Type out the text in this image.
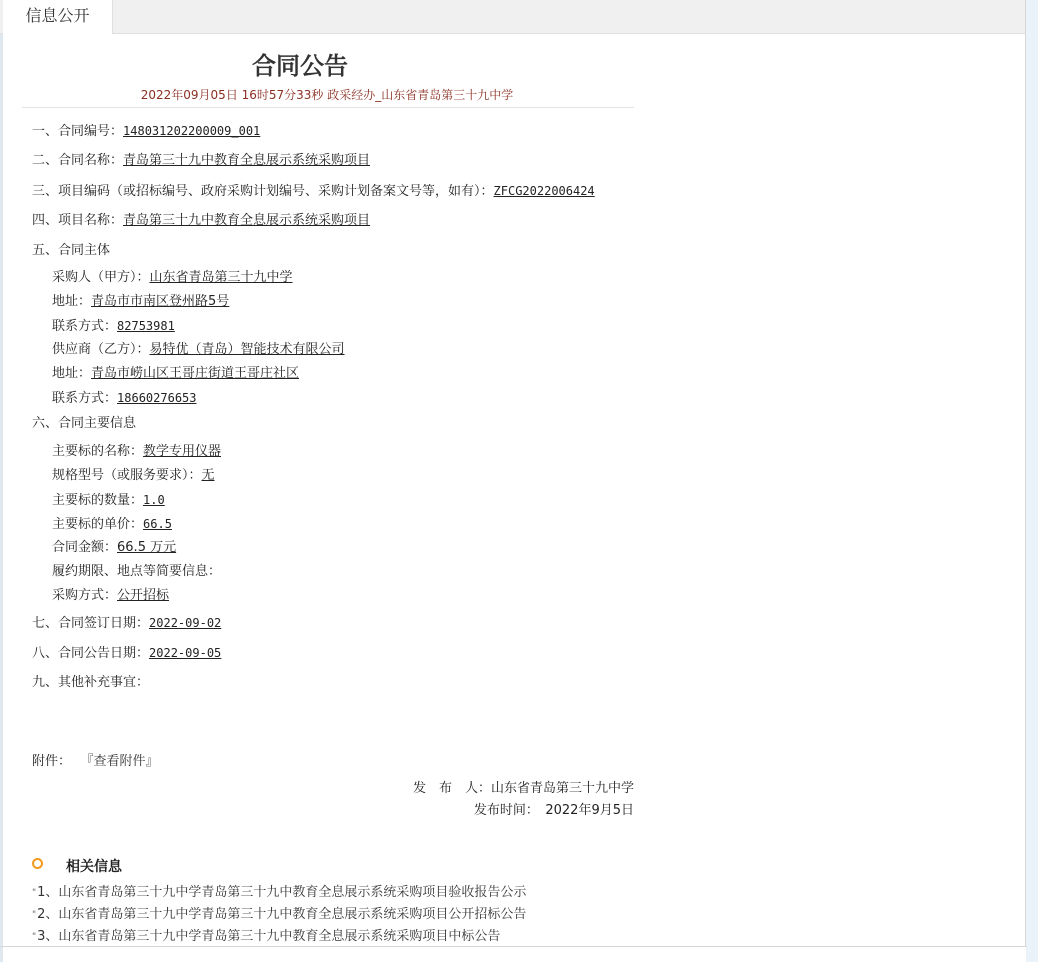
信息公开
合同公告
2022年09月05日 16时57分33秒 政采经办_山东省青岛第三十九中学
一、合同编号：148031202200009_001
二、合同名称：青岛第三十九中教育全息展示系统采购项目
三、项目编码（或招标编号、政府采购计划编号、采购计划备案文号等，如有）：ZFCG2022006424
四、项目名称：青岛第三十九中教育全息展示系统采购项目
五、合同主体
采购人（甲方）：山东省青岛第三十九中学
地址：青岛市市南区登州路5号
联系方式：82753981
供应商（乙方）：易特优（青岛）智能技术有限公司
地址：青岛市崂山区王哥庄街道王哥庄社区
联系方式：18660276653
六、合同主要信息
主要标的名称：教学专用仪器
规格型号（或服务要求）：无
主要标的数量：1.0
主要标的单价：66.5
合同金额：66.5 万元
履约期限、地点等简要信息：
采购方式：公开招标
七、合同签订日期：2022-09-02
八、合同公告日期：2022-09-05
九、其他补充事宜：
附件： 『查看附件』
发　布　人：山东省青岛第三十九中学
发布时间：　2022年9月5日
相关信息
"1、山东省青岛第三十九中学青岛第三十九中教育全息展示系统采购项目验收报告公示
"2、山东省青岛第三十九中学青岛第三十九中教育全息展示系统采购项目公开招标公告
"3、山东省青岛第三十九中学青岛第三十九中教育全息展示系统采购项目中标公告
